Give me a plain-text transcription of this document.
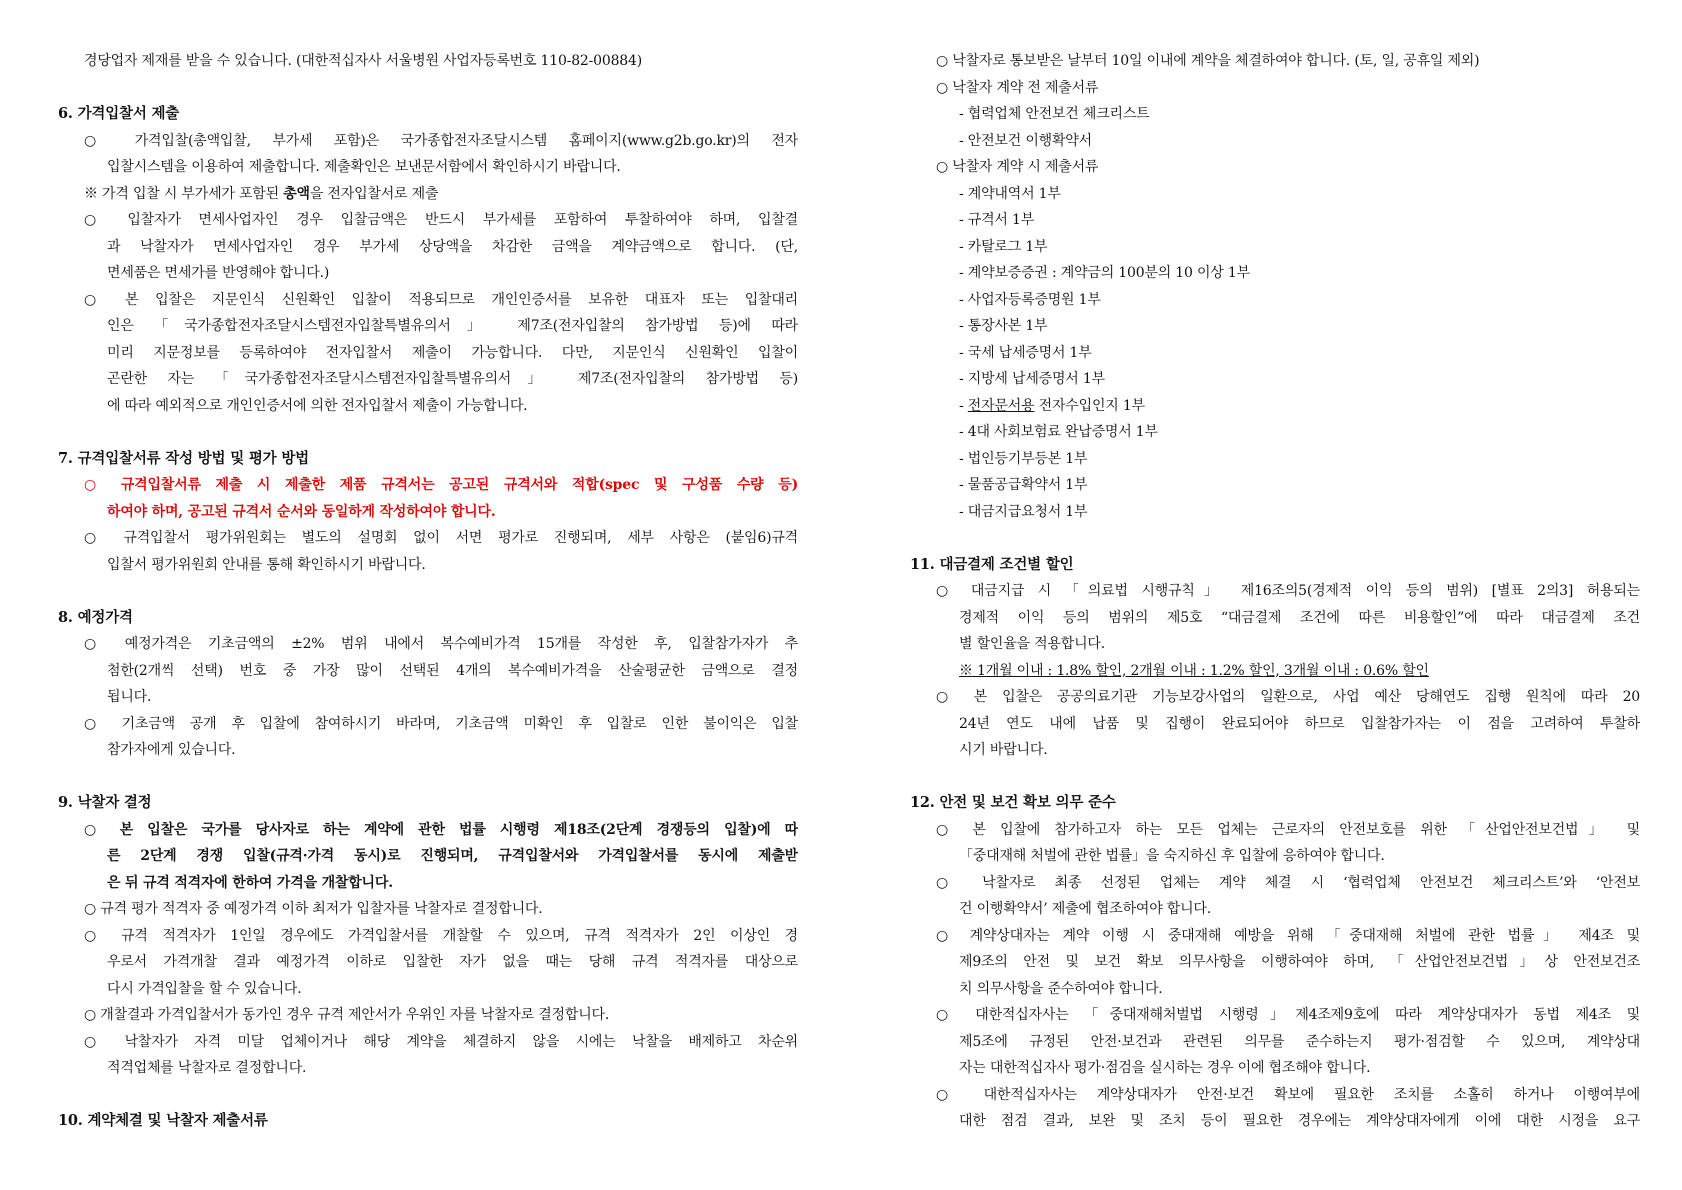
경당업자 제재를 받을 수 있습니다. (대한적십자사 서울병원 사업자등록번호 110-82-00884)
6. 가격입찰서 제출
○ 가격입찰(총액입찰, 부가세 포함)은 국가종합전자조달시스템 홈페이지(www.g2b.go.kr)의 전자
입찰시스템을 이용하여 제출합니다. 제출확인은 보낸문서함에서 확인하시기 바랍니다.
※ 가격 입찰 시 부가세가 포함된 총액을 전자입찰서로 제출
○ 입찰자가 면세사업자인 경우 입찰금액은 반드시 부가세를 포함하여 투찰하여야 하며, 입찰결
과 낙찰자가 면세사업자인 경우 부가세 상당액을 차감한 금액을 계약금액으로 합니다. (단,
면세품은 면세가를 반영해야 합니다.)
○ 본 입찰은 지문인식 신원확인 입찰이 적용되므로 개인인증서를 보유한 대표자 또는 입찰대리
인은 「국가종합전자조달시스템전자입찰특별유의서」 제7조(전자입찰의 참가방법 등)에 따라
미리 지문정보를 등록하여야 전자입찰서 제출이 가능합니다. 다만, 지문인식 신원확인 입찰이
곤란한 자는 「국가종합전자조달시스템전자입찰특별유의서」 제7조(전자입찰의 참가방법 등)
에 따라 예외적으로 개인인증서에 의한 전자입찰서 제출이 가능합니다.
7. 규격입찰서류 작성 방법 및 평가 방법
○ 규격입찰서류 제출 시 제출한 제품 규격서는 공고된 규격서와 적합(spec 및 구성품 수량 등)
하여야 하며, 공고된 규격서 순서와 동일하게 작성하여야 합니다.
○ 규격입찰서 평가위원회는 별도의 설명회 없이 서면 평가로 진행되며, 세부 사항은 (붙임6)규격
입찰서 평가위원회 안내를 통해 확인하시기 바랍니다.
8. 예정가격
○ 예정가격은 기초금액의 ±2% 범위 내에서 복수예비가격 15개를 작성한 후, 입찰참가자가 추
첨한(2개씩 선택) 번호 중 가장 많이 선택된 4개의 복수예비가격을 산술평균한 금액으로 결정
됩니다.
○ 기초금액 공개 후 입찰에 참여하시기 바라며, 기초금액 미확인 후 입찰로 인한 불이익은 입찰
참가자에게 있습니다.
9. 낙찰자 결정
○ 본 입찰은 국가를 당사자로 하는 계약에 관한 법률 시행령 제18조(2단계 경쟁등의 입찰)에 따
른 2단계 경쟁 입찰(규격·가격 동시)로 진행되며, 규격입찰서와 가격입찰서를 동시에 제출받
은 뒤 규격 적격자에 한하여 가격을 개찰합니다.
○ 규격 평가 적격자 중 예정가격 이하 최저가 입찰자를 낙찰자로 결정합니다.
○ 규격 적격자가 1인일 경우에도 가격입찰서를 개찰할 수 있으며, 규격 적격자가 2인 이상인 경
우로서 가격개찰 결과 예정가격 이하로 입찰한 자가 없을 때는 당해 규격 적격자를 대상으로
다시 가격입찰을 할 수 있습니다.
○ 개찰결과 가격입찰서가 동가인 경우 규격 제안서가 우위인 자를 낙찰자로 결정합니다.
○ 낙찰자가 자격 미달 업체이거나 해당 계약을 체결하지 않을 시에는 낙찰을 배제하고 차순위
적격업체를 낙찰자로 결정합니다.
10. 계약체결 및 낙찰자 제출서류
○ 낙찰자로 통보받은 날부터 10일 이내에 계약을 체결하여야 합니다. (토, 일, 공휴일 제외)
○ 낙찰자 계약 전 제출서류
- 협력업체 안전보건 체크리스트
- 안전보건 이행확약서
○ 낙찰자 계약 시 제출서류
- 계약내역서 1부
- 규격서 1부
- 카탈로그 1부
- 계약보증증권 : 계약금의 100분의 10 이상 1부
- 사업자등록증명원 1부
- 통장사본 1부
- 국세 납세증명서 1부
- 지방세 납세증명서 1부
- 전자문서용 전자수입인지 1부
- 4대 사회보험료 완납증명서 1부
- 법인등기부등본 1부
- 물품공급확약서 1부
- 대금지급요청서 1부
11. 대금결제 조건별 할인
○ 대금지급 시 「의료법 시행규칙」 제16조의5(경제적 이익 등의 범위) [별표 2의3] 허용되는
경제적 이익 등의 범위의 제5호 “대금결제 조건에 따른 비용할인”에 따라 대금결제 조건
별 할인율을 적용합니다.
※ 1개월 이내 : 1.8% 할인, 2개월 이내 : 1.2% 할인, 3개월 이내 : 0.6% 할인
○ 본 입찰은 공공의료기관 기능보강사업의 일환으로, 사업 예산 당해연도 집행 원칙에 따라 20
24년 연도 내에 납품 및 집행이 완료되어야 하므로 입찰참가자는 이 점을 고려하여 투찰하
시기 바랍니다.
12. 안전 및 보건 확보 의무 준수
○ 본 입찰에 참가하고자 하는 모든 업체는 근로자의 안전보호를 위한 「산업안전보건법」 및
「중대재해 처벌에 관한 법률」을 숙지하신 후 입찰에 응하여야 합니다.
○ 낙찰자로 최종 선정된 업체는 계약 체결 시 ‘협력업체 안전보건 체크리스트’와 ‘안전보
건 이행확약서’ 제출에 협조하여야 합니다.
○ 계약상대자는 계약 이행 시 중대재해 예방을 위해 「중대재해 처벌에 관한 법률」 제4조 및
제9조의 안전 및 보건 확보 의무사항을 이행하여야 하며, 「산업안전보건법」상 안전보건조
치 의무사항을 준수하여야 합니다.
○ 대한적십자사는 「중대재해처벌법 시행령」제4조제9호에 따라 계약상대자가 동법 제4조 및
제5조에 규정된 안전·보건과 관련된 의무를 준수하는지 평가·점검할 수 있으며, 계약상대
자는 대한적십자사 평가·점검을 실시하는 경우 이에 협조해야 합니다.
○ 대한적십자사는 계약상대자가 안전·보건 확보에 필요한 조치를 소홀히 하거나 이행여부에
대한 점검 결과, 보완 및 조치 등이 필요한 경우에는 계약상대자에게 이에 대한 시정을 요구
